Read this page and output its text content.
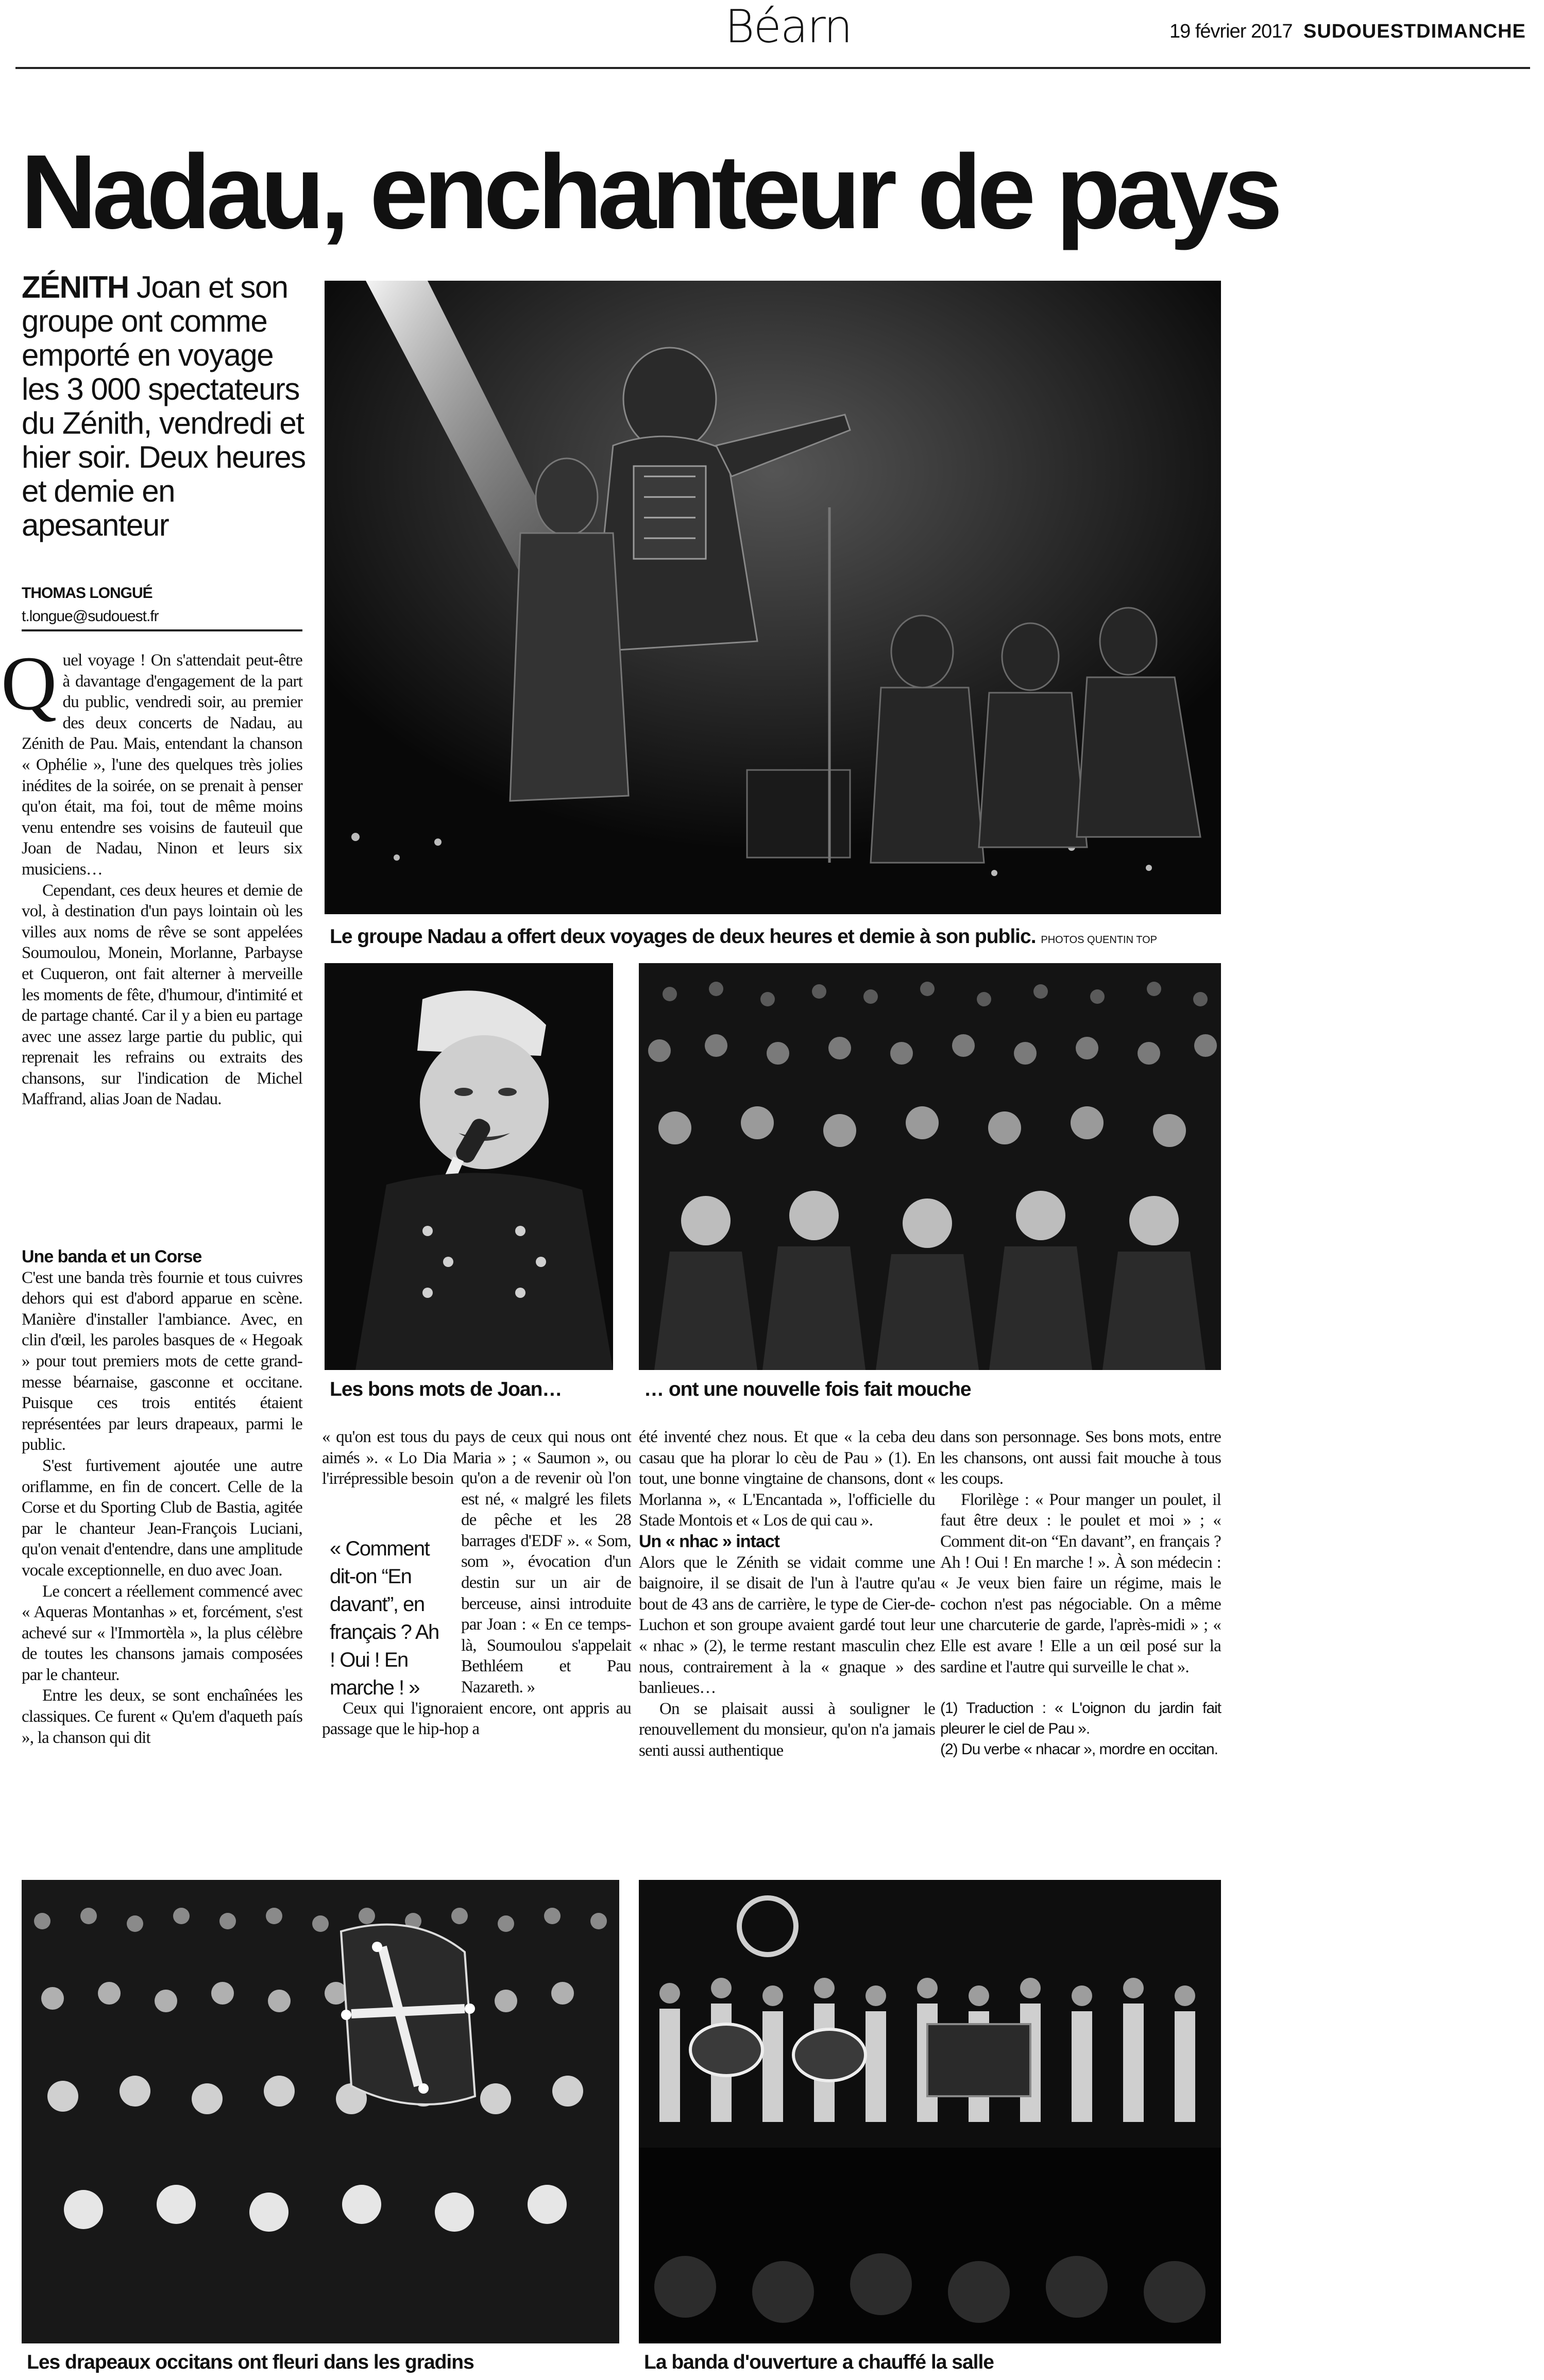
Béarn	19 février 2017 SUDOUESTDIMANCHE
Nadau, enchanteur de pays
ZÉNITH Joan et son groupe ont comme emporté en voyage les 3 000 spectateurs du Zénith, vendredi et hier soir. Deux heures et demie en apesanteur
THOMAS LONGUÉ
t.longue@sudouest.fr

Quel voyage ! On s'attendait peut-être à davantage d'engagement de la part du public, vendredi soir, au premier des deux concerts de Nadau, au Zénith de Pau. Mais, entendant la chanson « Ophélie », l'une des quelques très jolies inédites de la soirée, on se prenait à penser qu'on était, ma foi, tout de même moins venu entendre ses voisins de fauteuil que Joan de Nadau, Ninon et leurs six musiciens…

Cependant, ces deux heures et demie de vol, à destination d'un pays lointain où les villes aux noms de rêve se sont appelées Soumoulou, Monein, Morlanne, Parbayse et Cuqueron, ont fait alterner à merveille les moments de fête, d'humour, d'intimité et de partage chanté. Car il y a bien eu partage avec une assez large partie du public, qui reprenait les refrains ou extraits des chansons, sur l'indication de Michel Maffrand, alias Joan de Nadau.

Une banda et un Corse

C'est une banda très fournie et tous cuivres dehors qui est d'abord apparue en scène. Manière d'installer l'ambiance. Avec, en clin d'œil, les paroles basques de « Hegoak » pour tout premiers mots de cette grand-messe béarnaise, gasconne et occitane. Puisque ces trois entités étaient représentées par leurs drapeaux, parmi le public.

S'est furtivement ajoutée une autre oriflamme, en fin de concert. Celle de la Corse et du Sporting Club de Bastia, agitée par le chanteur Jean-François Luciani, qu'on venait d'entendre, dans une amplitude vocale exceptionnelle, en duo avec Joan.

Le concert a réellement commencé avec « Aqueras Montanhas » et, forcément, s'est achevé sur « l'Immortèla », la plus célèbre de toutes les chansons jamais composées par le chanteur.

Entre les deux, se sont enchaînées les classiques. Ce furent « Qu'em d'aqueth país », la chanson qui dit

« qu'on est tous du pays de ceux qui nous ont aimés ». « Lo Dia Maria » ; « Saumon », ou l'irrépressible besoin

« Comment dit-on “En davant”, en français ? Ah ! Oui ! En marche ! »

qu'on a de revenir où l'on est né, « malgré les filets de pêche et les 28 barrages d'EDF ». « Som, som », évocation d'un destin sur un air de berceuse, ainsi introduite par Joan : « En ce temps-là, Soumoulou s'appelait Bethléem et Pau Nazareth. »

Ceux qui l'ignoraient encore, ont appris au passage que le hip-hop a

été inventé chez nous. Et que « la ceba deu casau que ha plorar lo cèu de Pau » (1). En tout, une bonne vingtaine de chansons, dont « Morlanna », « L'Encantada », l'officielle du Stade Montois et « Los de qui cau ».

Un « nhac » intact

Alors que le Zénith se vidait comme une baignoire, il se disait de l'un à l'autre qu'au bout de 43 ans de carrière, le type de Cier-de-Luchon et son groupe avaient gardé tout leur « nhac » (2), le terme restant masculin chez nous, contrairement à la « gnaque » des banlieues…

On se plaisait aussi à souligner le renouvellement du monsieur, qu'on n'a jamais senti aussi authentique

dans son personnage. Ses bons mots, entre les chansons, ont aussi fait mouche à tous les coups.

Florilège : « Pour manger un poulet, il faut être deux : le poulet et moi » ; « Comment dit-on “En davant”, en français ? Ah ! Oui ! En marche ! ». À son médecin : « Je veux bien faire un régime, mais le cochon n'est pas négociable. On a même une charcuterie de garde, l'après-midi » ; « Elle est avare ! Elle a un œil posé sur la sardine et l'autre qui surveille le chat ».

(1) Traduction : « L'oignon du jardin fait pleurer le ciel de Pau ».
(2) Du verbe « nhacar », mordre en occitan.
Le groupe Nadau a offert deux voyages de deux heures et demie à son public. PHOTOS QUENTIN TOP
Les bons mots de Joan…	… ont une nouvelle fois fait mouche
Les drapeaux occitans ont fleuri dans les gradins	La banda d'ouverture a chauffé la salle
